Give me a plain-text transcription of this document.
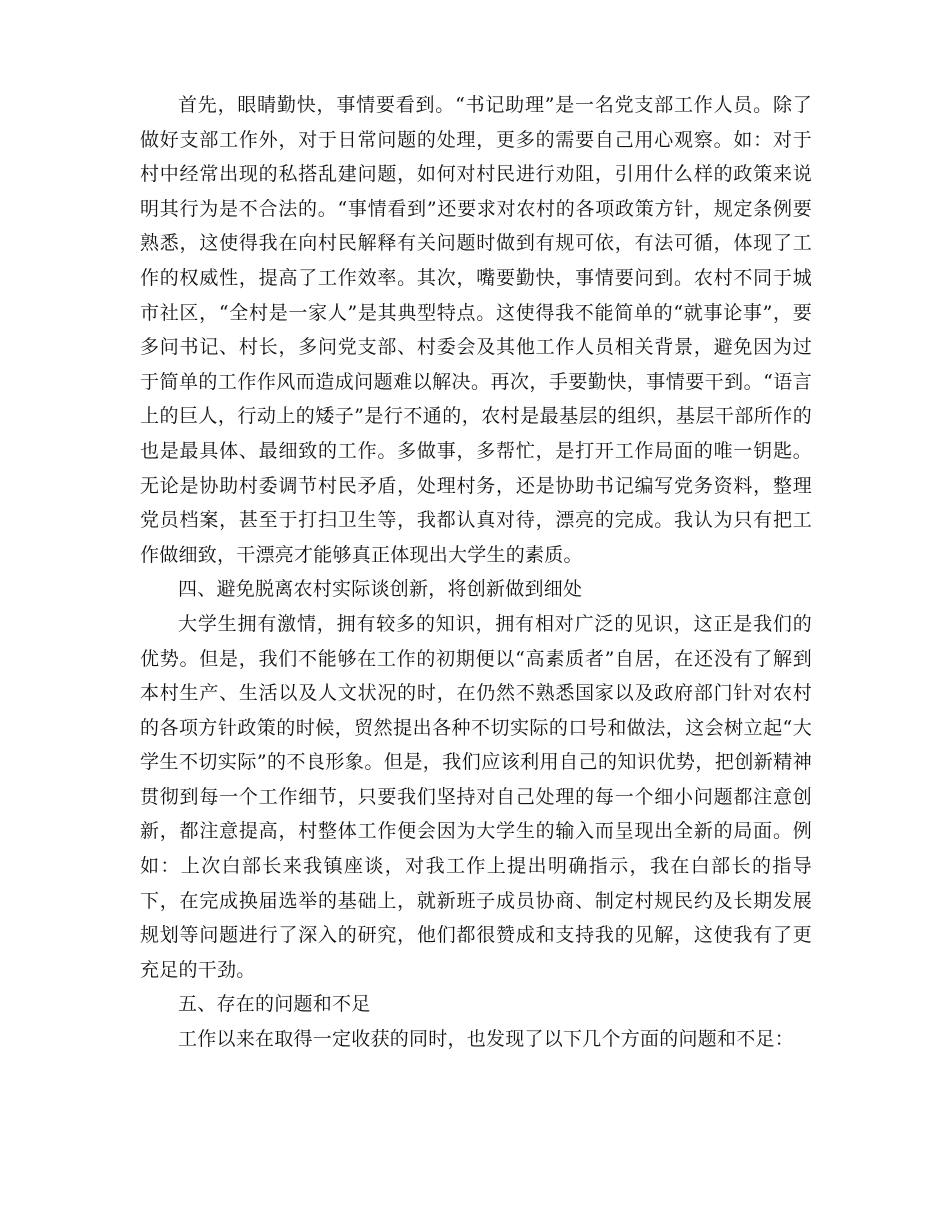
首先，眼睛勤快，事情要看到。“书记助理”是一名党支部工作人员。除了做好支部工作外，对于日常问题的处理，更多的需要自己用心观察。如：对于村中经常出现的私搭乱建问题，如何对村民进行劝阻，引用什么样的政策来说明其行为是不合法的。“事情看到”还要求对农村的各项政策方针，规定条例要熟悉，这使得我在向村民解释有关问题时做到有规可依，有法可循，体现了工作的权威性，提高了工作效率。其次，嘴要勤快，事情要问到。农村不同于城市社区，“全村是一家人”是其典型特点。这使得我不能简单的“就事论事”，要多问书记、村长，多问党支部、村委会及其他工作人员相关背景，避免因为过于简单的工作作风而造成问题难以解决。再次，手要勤快，事情要干到。“语言上的巨人，行动上的矮子”是行不通的，农村是最基层的组织，基层干部所作的也是最具体、最细致的工作。多做事，多帮忙，是打开工作局面的唯一钥匙。无论是协助村委调节村民矛盾，处理村务，还是协助书记编写党务资料，整理党员档案，甚至于打扫卫生等，我都认真对待，漂亮的完成。我认为只有把工作做细致，干漂亮才能够真正体现出大学生的素质。

四、避免脱离农村实际谈创新，将创新做到细处

大学生拥有激情，拥有较多的知识，拥有相对广泛的见识，这正是我们的优势。但是，我们不能够在工作的初期便以“高素质者”自居，在还没有了解到本村生产、生活以及人文状况的时，在仍然不熟悉国家以及政府部门针对农村的各项方针政策的时候，贸然提出各种不切实际的口号和做法，这会树立起“大学生不切实际”的不良形象。但是，我们应该利用自己的知识优势，把创新精神贯彻到每一个工作细节，只要我们坚持对自己处理的每一个细小问题都注意创新，都注意提高，村整体工作便会因为大学生的输入而呈现出全新的局面。例如：上次白部长来我镇座谈，对我工作上提出明确指示，我在白部长的指导下，在完成换届选举的基础上，就新班子成员协商、制定村规民约及长期发展规划等问题进行了深入的研究，他们都很赞成和支持我的见解，这使我有了更充足的干劲。

五、存在的问题和不足

工作以来在取得一定收获的同时，也发现了以下几个方面的问题和不足：
